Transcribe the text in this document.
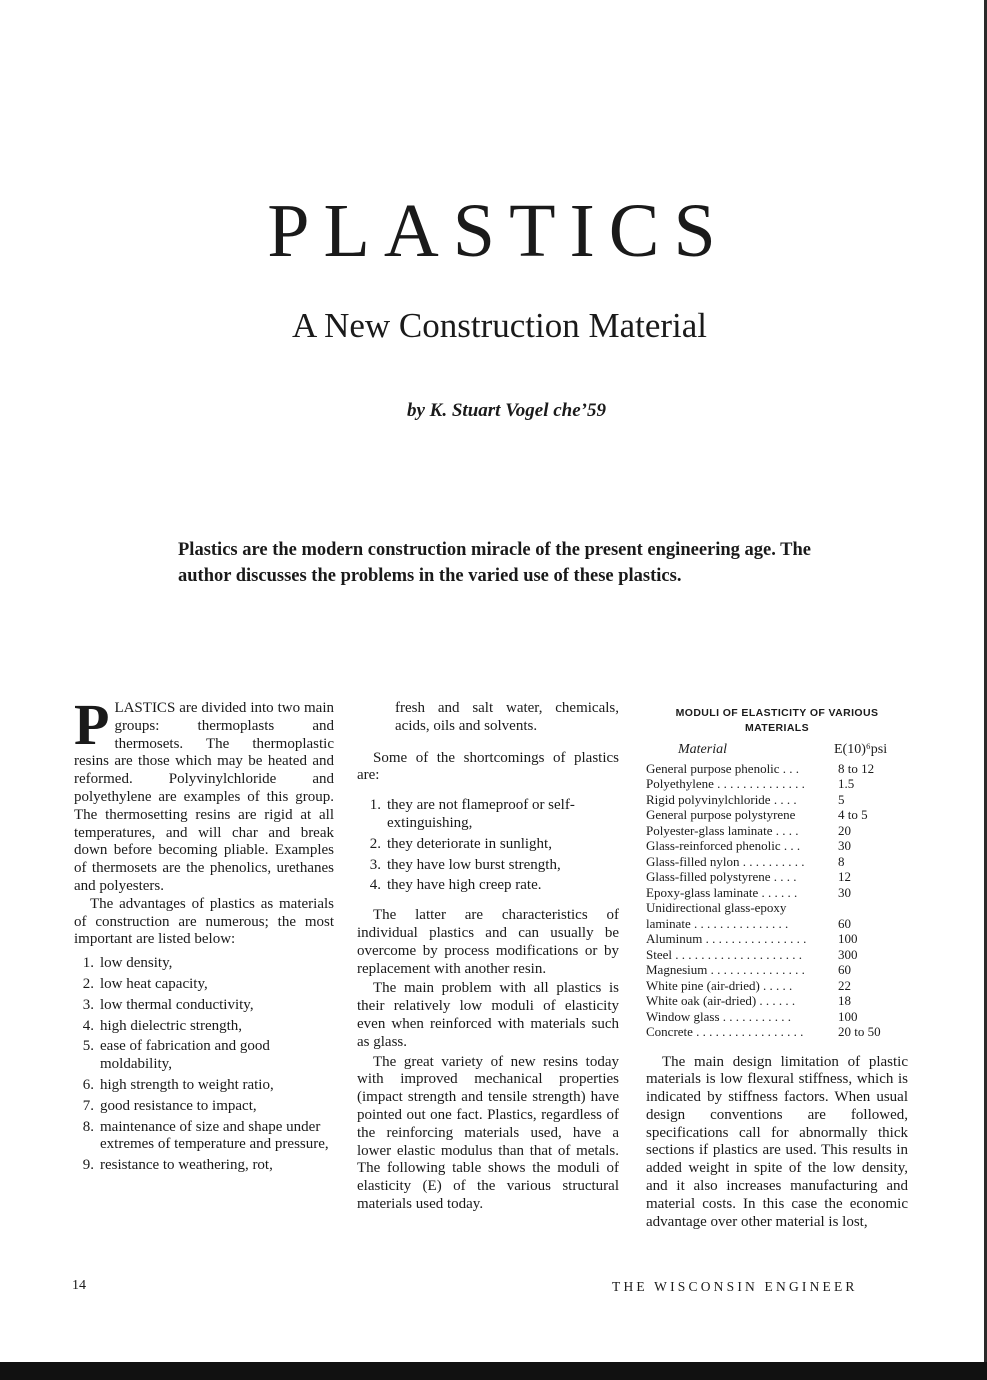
PLASTICS
A New Construction Material
by K. Stuart Vogel che’59

Plastics are the modern construction miracle of the present engineering age. The author discusses the problems in the varied use of these plastics.

PLASTICS are divided into two main groups: thermoplasts and thermosets. The thermoplastic resins are those which may be heated and reformed. Polyvinylchloride and polyethylene are examples of this group. The thermosetting resins are rigid at all temperatures, and will char and break down before becoming pliable. Examples of thermosets are the phenolics, urethanes and polyesters.

The advantages of plastics as materials of construction are numerous; the most important are listed below:

1. low density,
2. low heat capacity,
3. low thermal conductivity,
4. high dielectric strength,
5. ease of fabrication and good moldability,
6. high strength to weight ratio,
7. good resistance to impact,
8. maintenance of size and shape under extremes of temperature and pressure,
9. resistance to weathering, rot,

fresh and salt water, chemicals, acids, oils and solvents.

Some of the shortcomings of plastics are:

1. they are not flameproof or self-extinguishing,
2. they deteriorate in sunlight,
3. they have low burst strength,
4. they have high creep rate.

The latter are characteristics of individual plastics and can usually be overcome by process modifications or by replacement with another resin.

The main problem with all plastics is their relatively low moduli of elasticity even when reinforced with materials such as glass.

The great variety of new resins today with improved mechanical properties (impact strength and tensile strength) have pointed out one fact. Plastics, regardless of the reinforcing materials used, have a lower elastic modulus than that of metals. The following table shows the moduli of elasticity (E) of the various structural materials used today.

MODULI OF ELASTICITY OF VARIOUS MATERIALS
Material	E(10)⁶psi
General purpose phenolic . . .	8 to 12
Polyethylene . . . . . . . . . . . . . .	1.5
Rigid polyvinylchloride . . . .	5
General purpose polystyrene	4 to 5
Polyester-glass laminate . . . .	20
Glass-reinforced phenolic . . .	30
Glass-filled nylon . . . . . . . . . .	8
Glass-filled polystyrene . . . .	12
Epoxy-glass laminate . . . . . .	30
Unidirectional glass-epoxy laminate . . . . . . . . . . . . . . .	60
Aluminum . . . . . . . . . . . . . . . .	100
Steel . . . . . . . . . . . . . . . . . . . .	300
Magnesium . . . . . . . . . . . . . . .	60
White pine (air-dried) . . . . .	22
White oak (air-dried) . . . . . .	18
Window glass . . . . . . . . . . .	100
Concrete . . . . . . . . . . . . . . . . .	20 to 50

The main design limitation of plastic materials is low flexural stiffness, which is indicated by stiffness factors. When usual design conventions are followed, specifications call for abnormally thick sections if plastics are used. This results in added weight in spite of the low density, and it also increases manufacturing and material costs. In this case the economic advantage over other material is lost,

14	THE WISCONSIN ENGINEER
